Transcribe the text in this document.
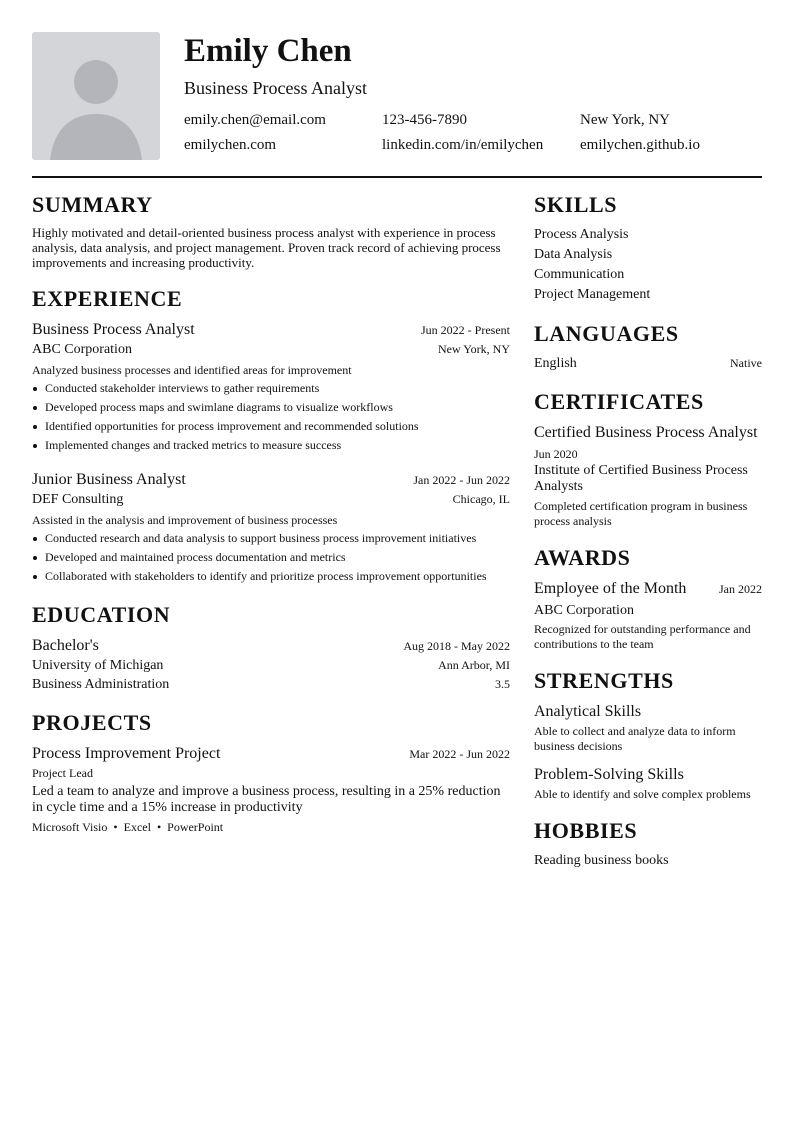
Emily Chen
Business Process Analyst
emily.chen@email.com	123-456-7890	New York, NY
emilychen.com	linkedin.com/in/emilychen	emilychen.github.io
SUMMARY
Highly motivated and detail-oriented business process analyst with experience in process analysis, data analysis, and project management. Proven track record of achieving process improvements and increasing productivity.
EXPERIENCE
Business Process Analyst	Jun 2022 - Present
ABC Corporation	New York, NY
Analyzed business processes and identified areas for improvement
Conducted stakeholder interviews to gather requirements
Developed process maps and swimlane diagrams to visualize workflows
Identified opportunities for process improvement and recommended solutions
Implemented changes and tracked metrics to measure success
Junior Business Analyst	Jan 2022 - Jun 2022
DEF Consulting	Chicago, IL
Assisted in the analysis and improvement of business processes
Conducted research and data analysis to support business process improvement initiatives
Developed and maintained process documentation and metrics
Collaborated with stakeholders to identify and prioritize process improvement opportunities
EDUCATION
Bachelor's	Aug 2018 - May 2022
University of Michigan	Ann Arbor, MI
Business Administration	3.5
PROJECTS
Process Improvement Project	Mar 2022 - Jun 2022
Project Lead
Led a team to analyze and improve a business process, resulting in a 25% reduction in cycle time and a 15% increase in productivity
Microsoft Visio • Excel • PowerPoint
SKILLS
Process Analysis
Data Analysis
Communication
Project Management
LANGUAGES
English	Native
CERTIFICATES
Certified Business Process Analyst
Jun 2020
Institute of Certified Business Process Analysts
Completed certification program in business process analysis
AWARDS
Employee of the Month	Jan 2022
ABC Corporation
Recognized for outstanding performance and contributions to the team
STRENGTHS
Analytical Skills
Able to collect and analyze data to inform business decisions
Problem-Solving Skills
Able to identify and solve complex problems
HOBBIES
Reading business books
